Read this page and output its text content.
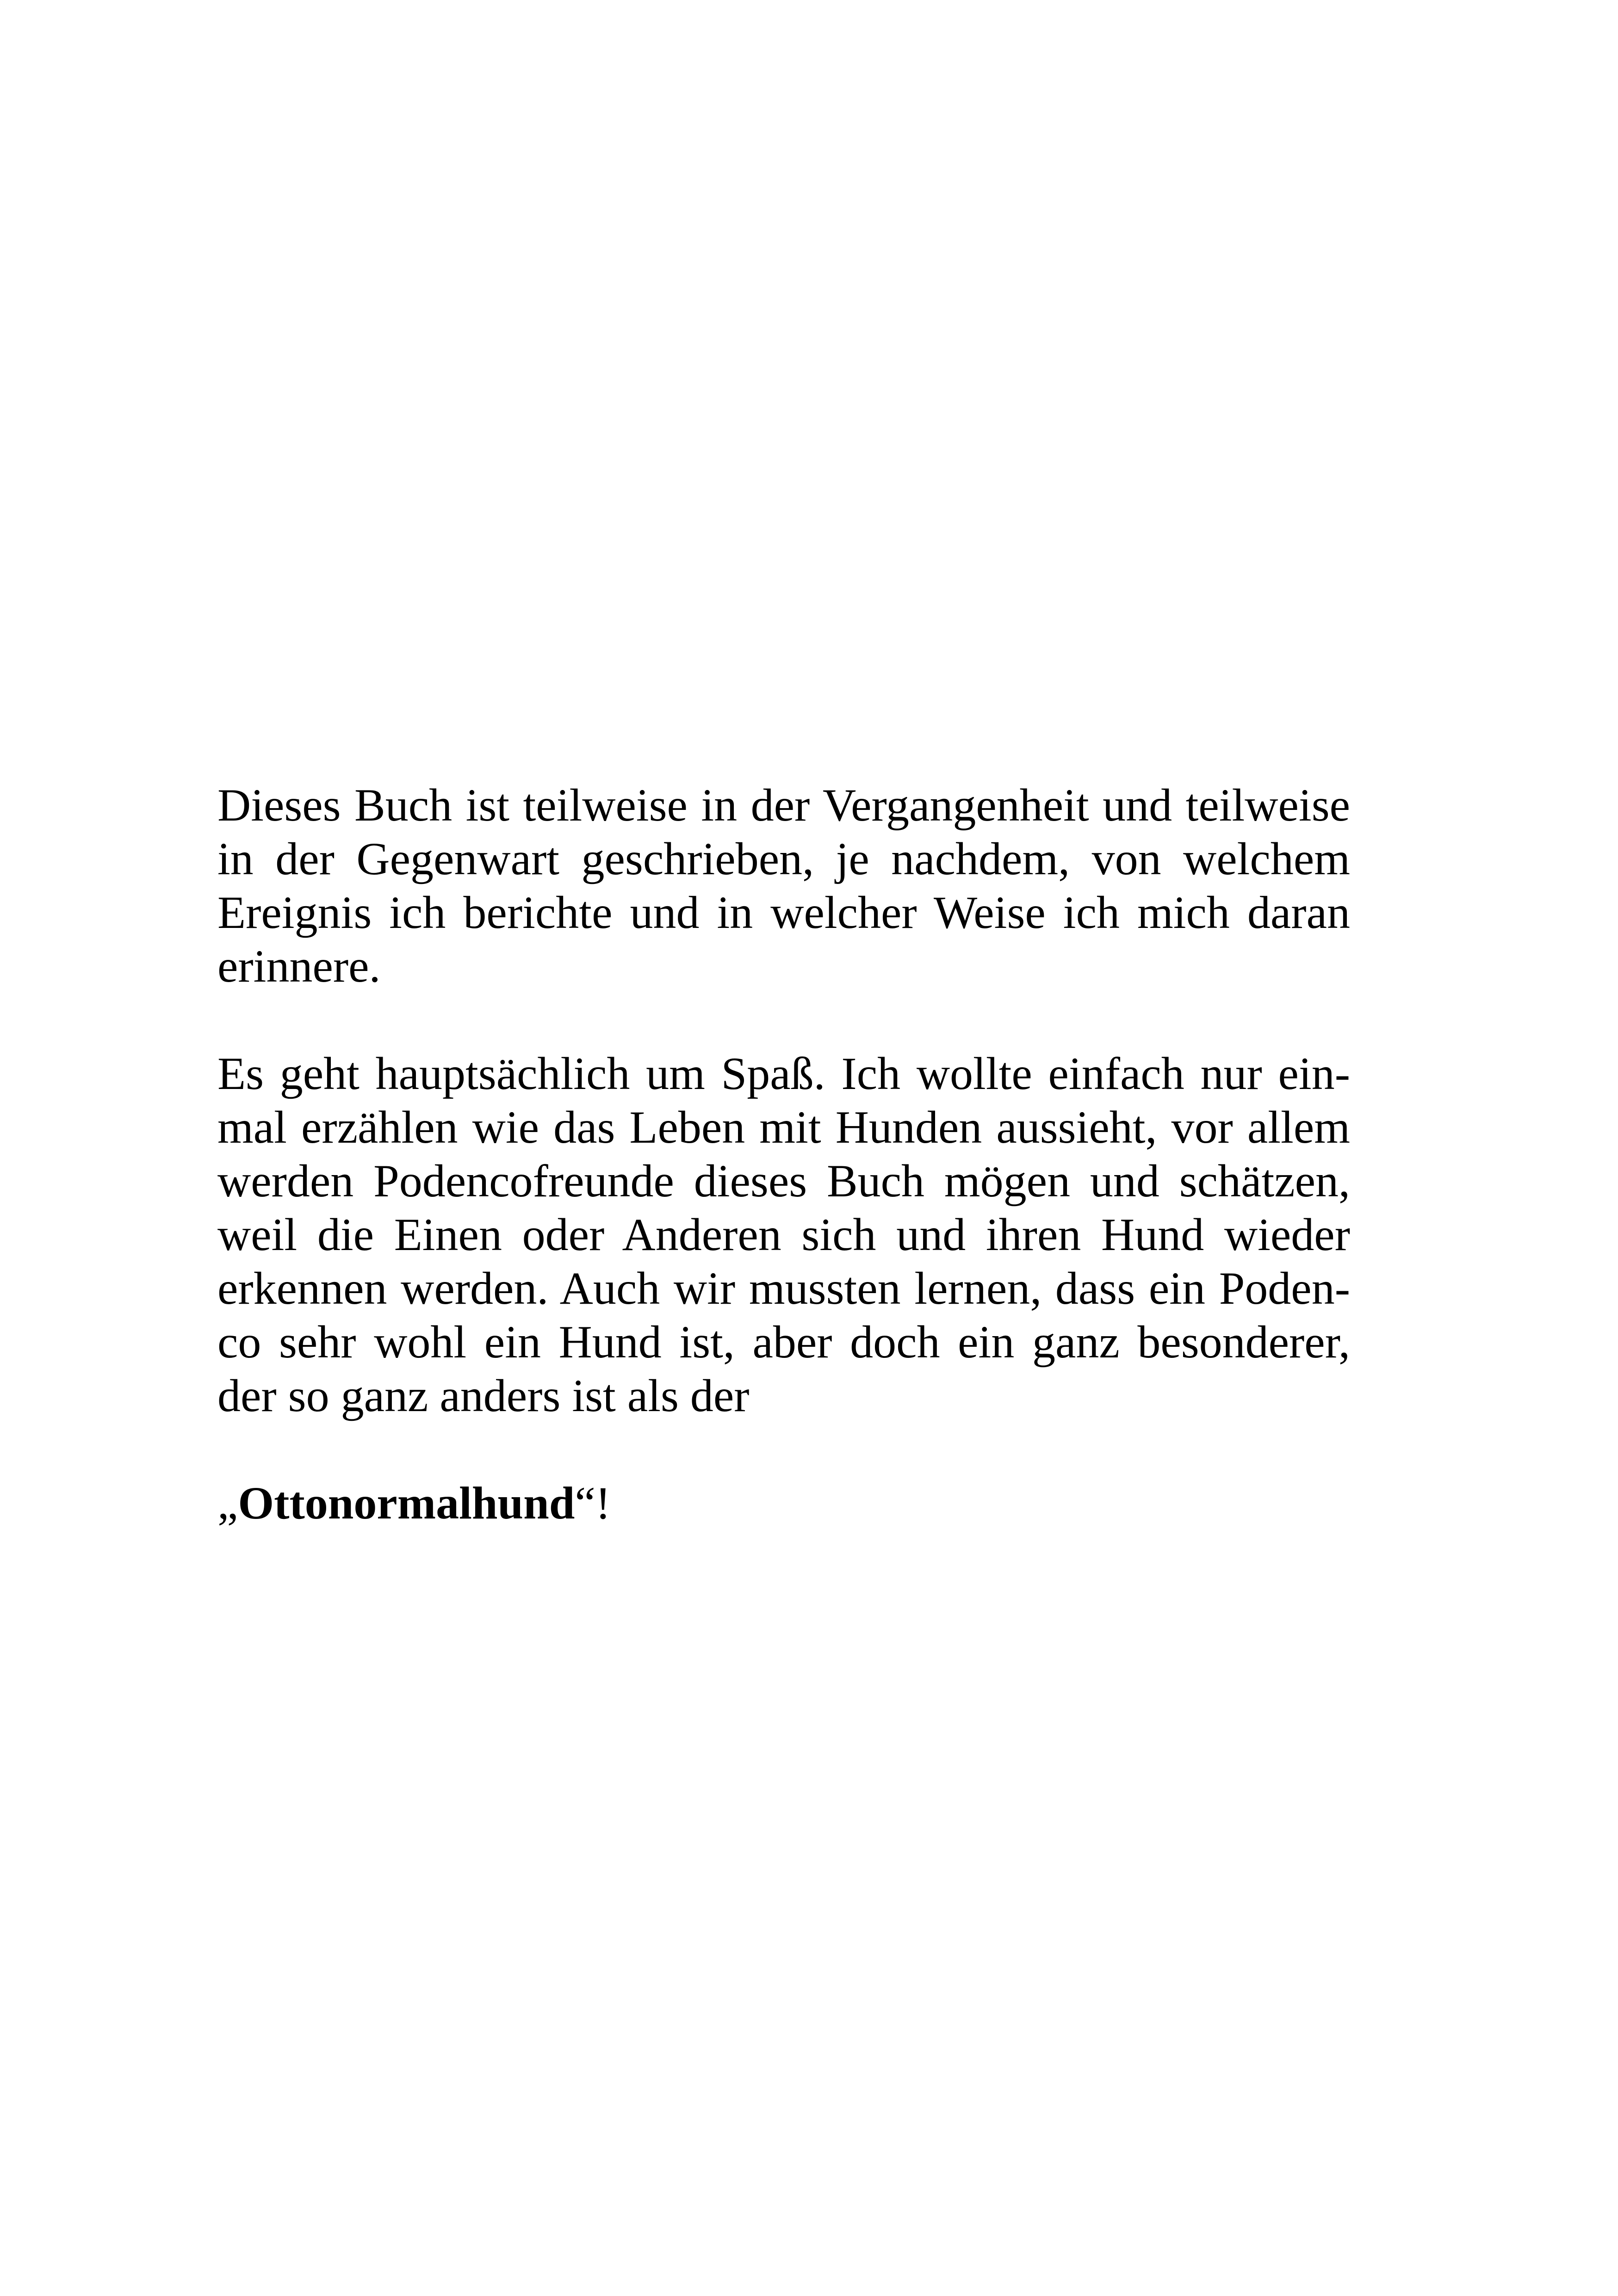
Dieses Buch ist teilweise in der Vergangenheit und teilweise
in der Gegenwart geschrieben, je nachdem, von welchem
Ereignis ich berichte und in welcher Weise ich mich daran
erinnere.
Es geht hauptsächlich um Spaß. Ich wollte einfach nur ein-
mal erzählen wie das Leben mit Hunden aussieht, vor allem
werden Podencofreunde dieses Buch mögen und schätzen,
weil die Einen oder Anderen sich und ihren Hund wieder
erkennen werden. Auch wir mussten lernen, dass ein Poden-
co sehr wohl ein Hund ist, aber doch ein ganz besonderer,
der so ganz anders ist als der
„Ottonormalhund“!
